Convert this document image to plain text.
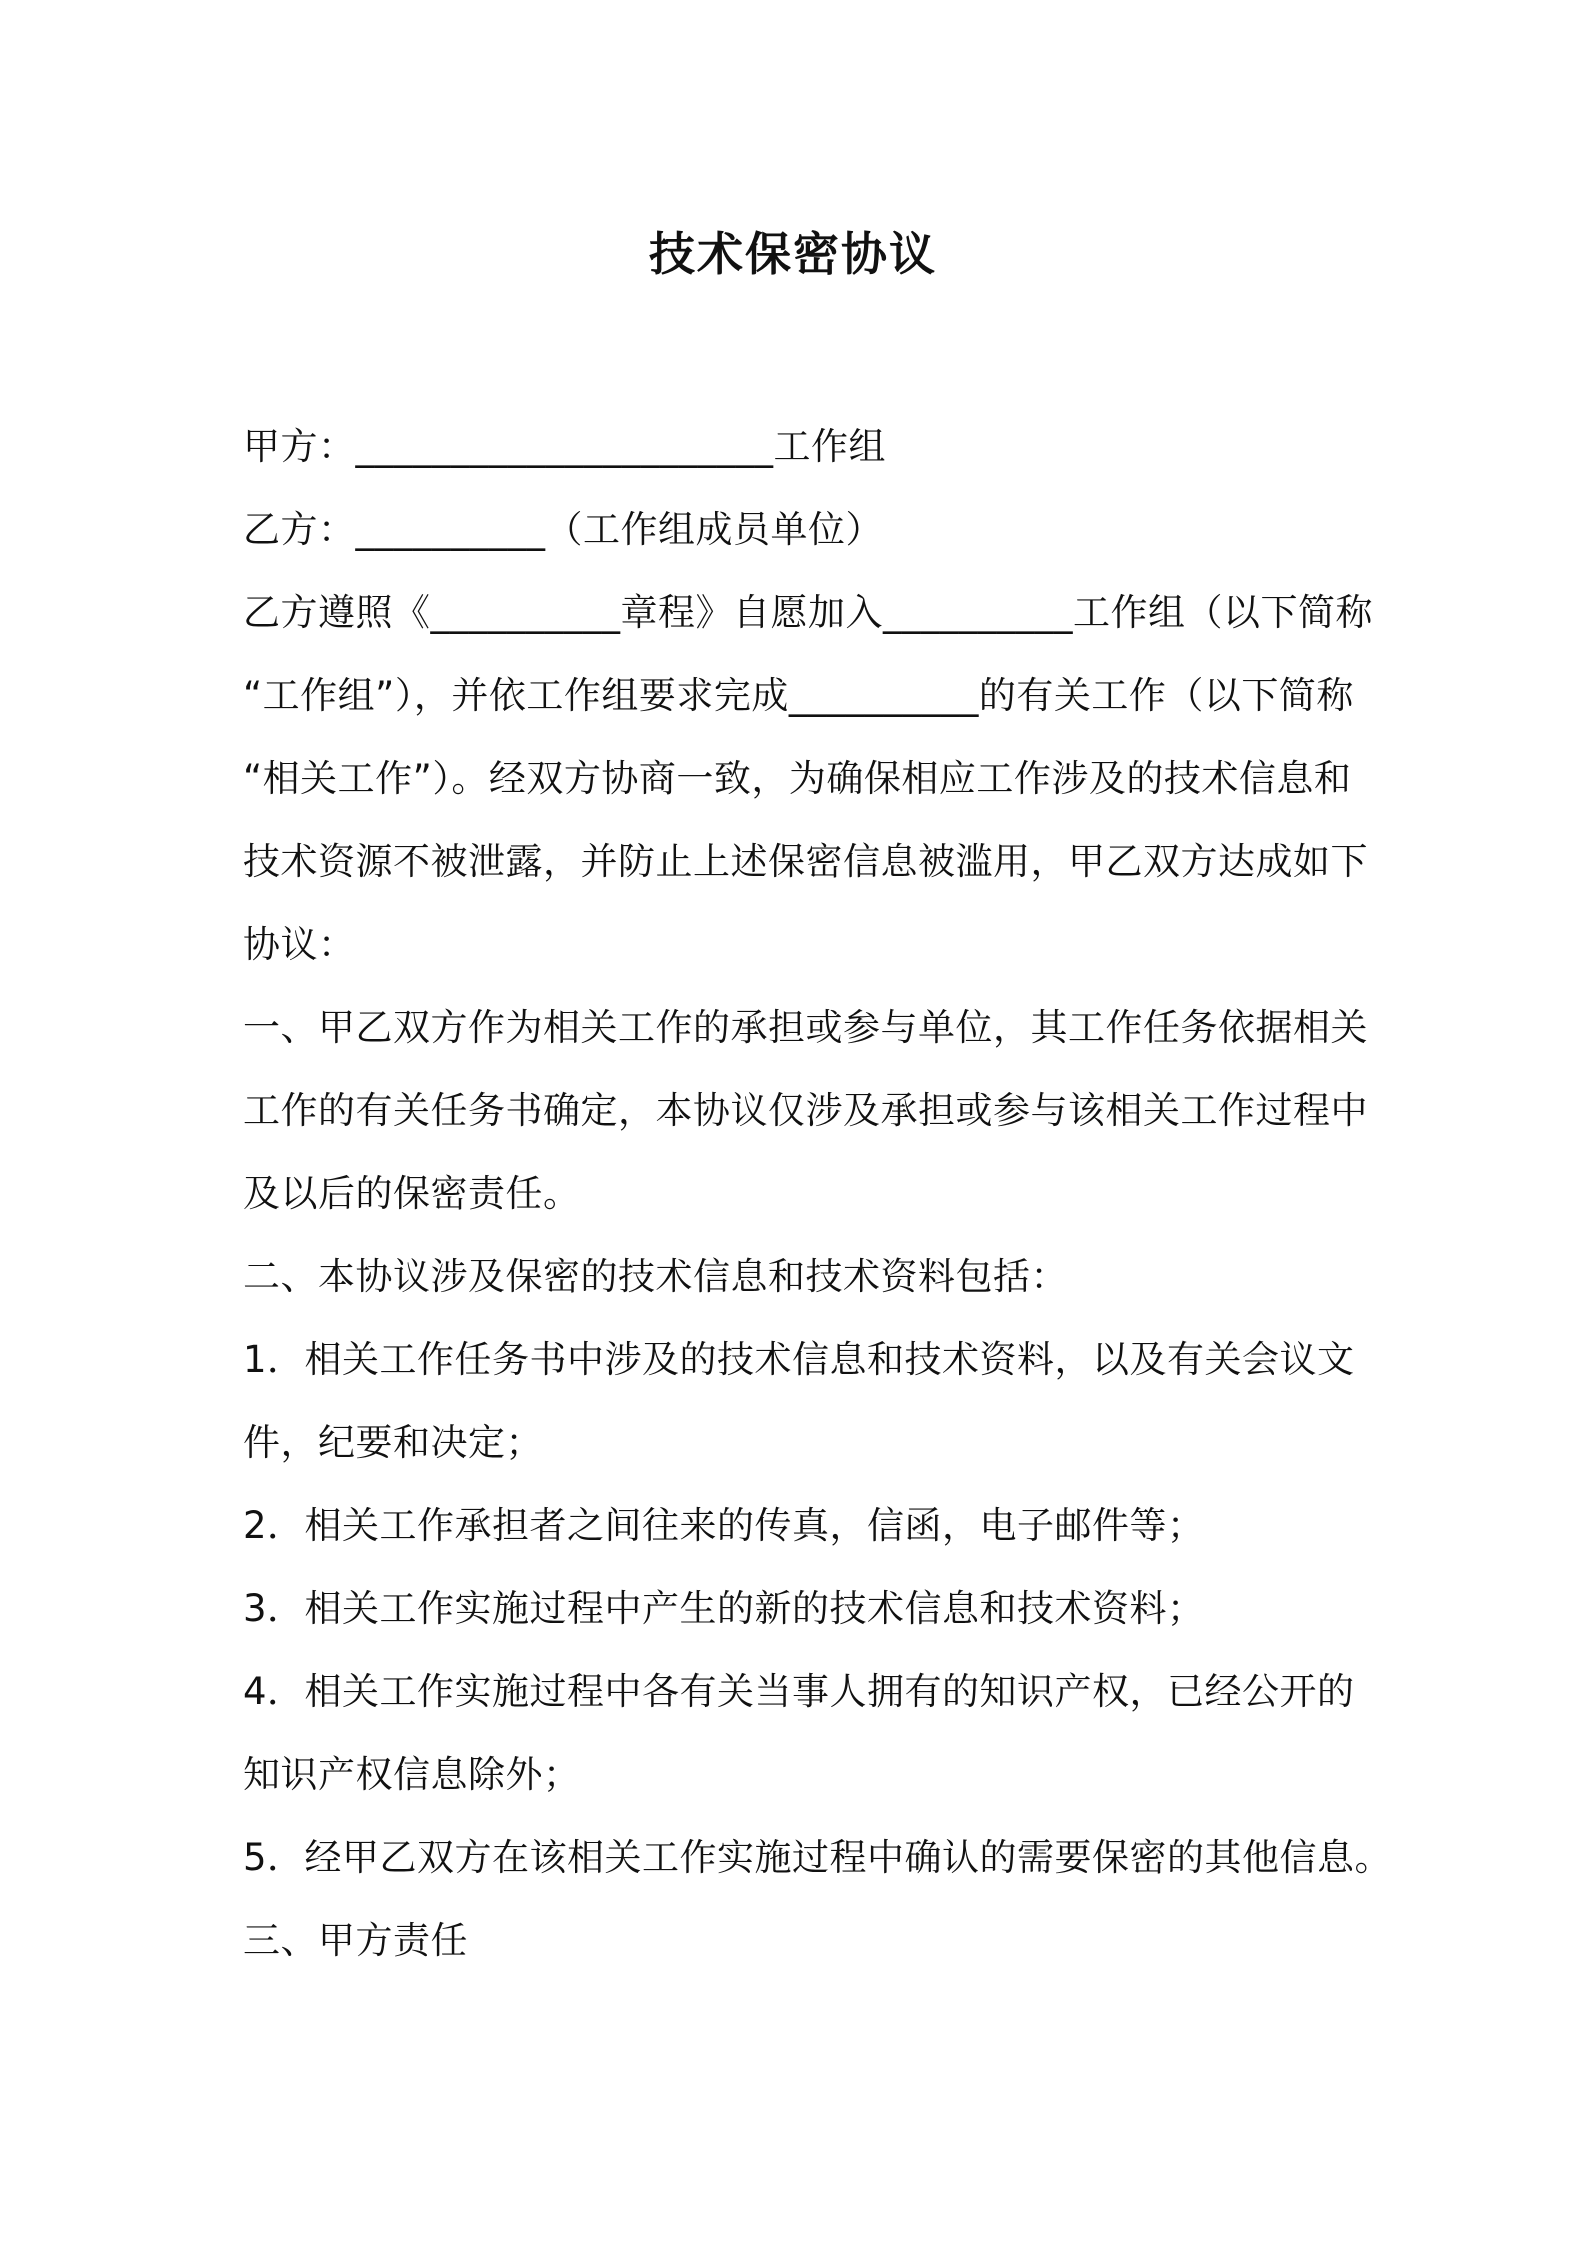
技术保密协议

甲方：______________________工作组

乙方：__________（工作组成员单位）

乙方遵照《__________章程》自愿加入__________工作组（以下简称

“工作组”），并依工作组要求完成__________的有关工作（以下简称

“相关工作”）。经双方协商一致，为确保相应工作涉及的技术信息和

技术资源不被泄露，并防止上述保密信息被滥用，甲乙双方达成如下

协议：

一、甲乙双方作为相关工作的承担或参与单位，其工作任务依据相关

工作的有关任务书确定，本协议仅涉及承担或参与该相关工作过程中

及以后的保密责任。

二、本协议涉及保密的技术信息和技术资料包括：

1．相关工作任务书中涉及的技术信息和技术资料，以及有关会议文

件，纪要和决定；

2．相关工作承担者之间往来的传真，信函，电子邮件等；

3．相关工作实施过程中产生的新的技术信息和技术资料；

4．相关工作实施过程中各有关当事人拥有的知识产权，已经公开的

知识产权信息除外；

5．经甲乙双方在该相关工作实施过程中确认的需要保密的其他信息。

三、甲方责任
